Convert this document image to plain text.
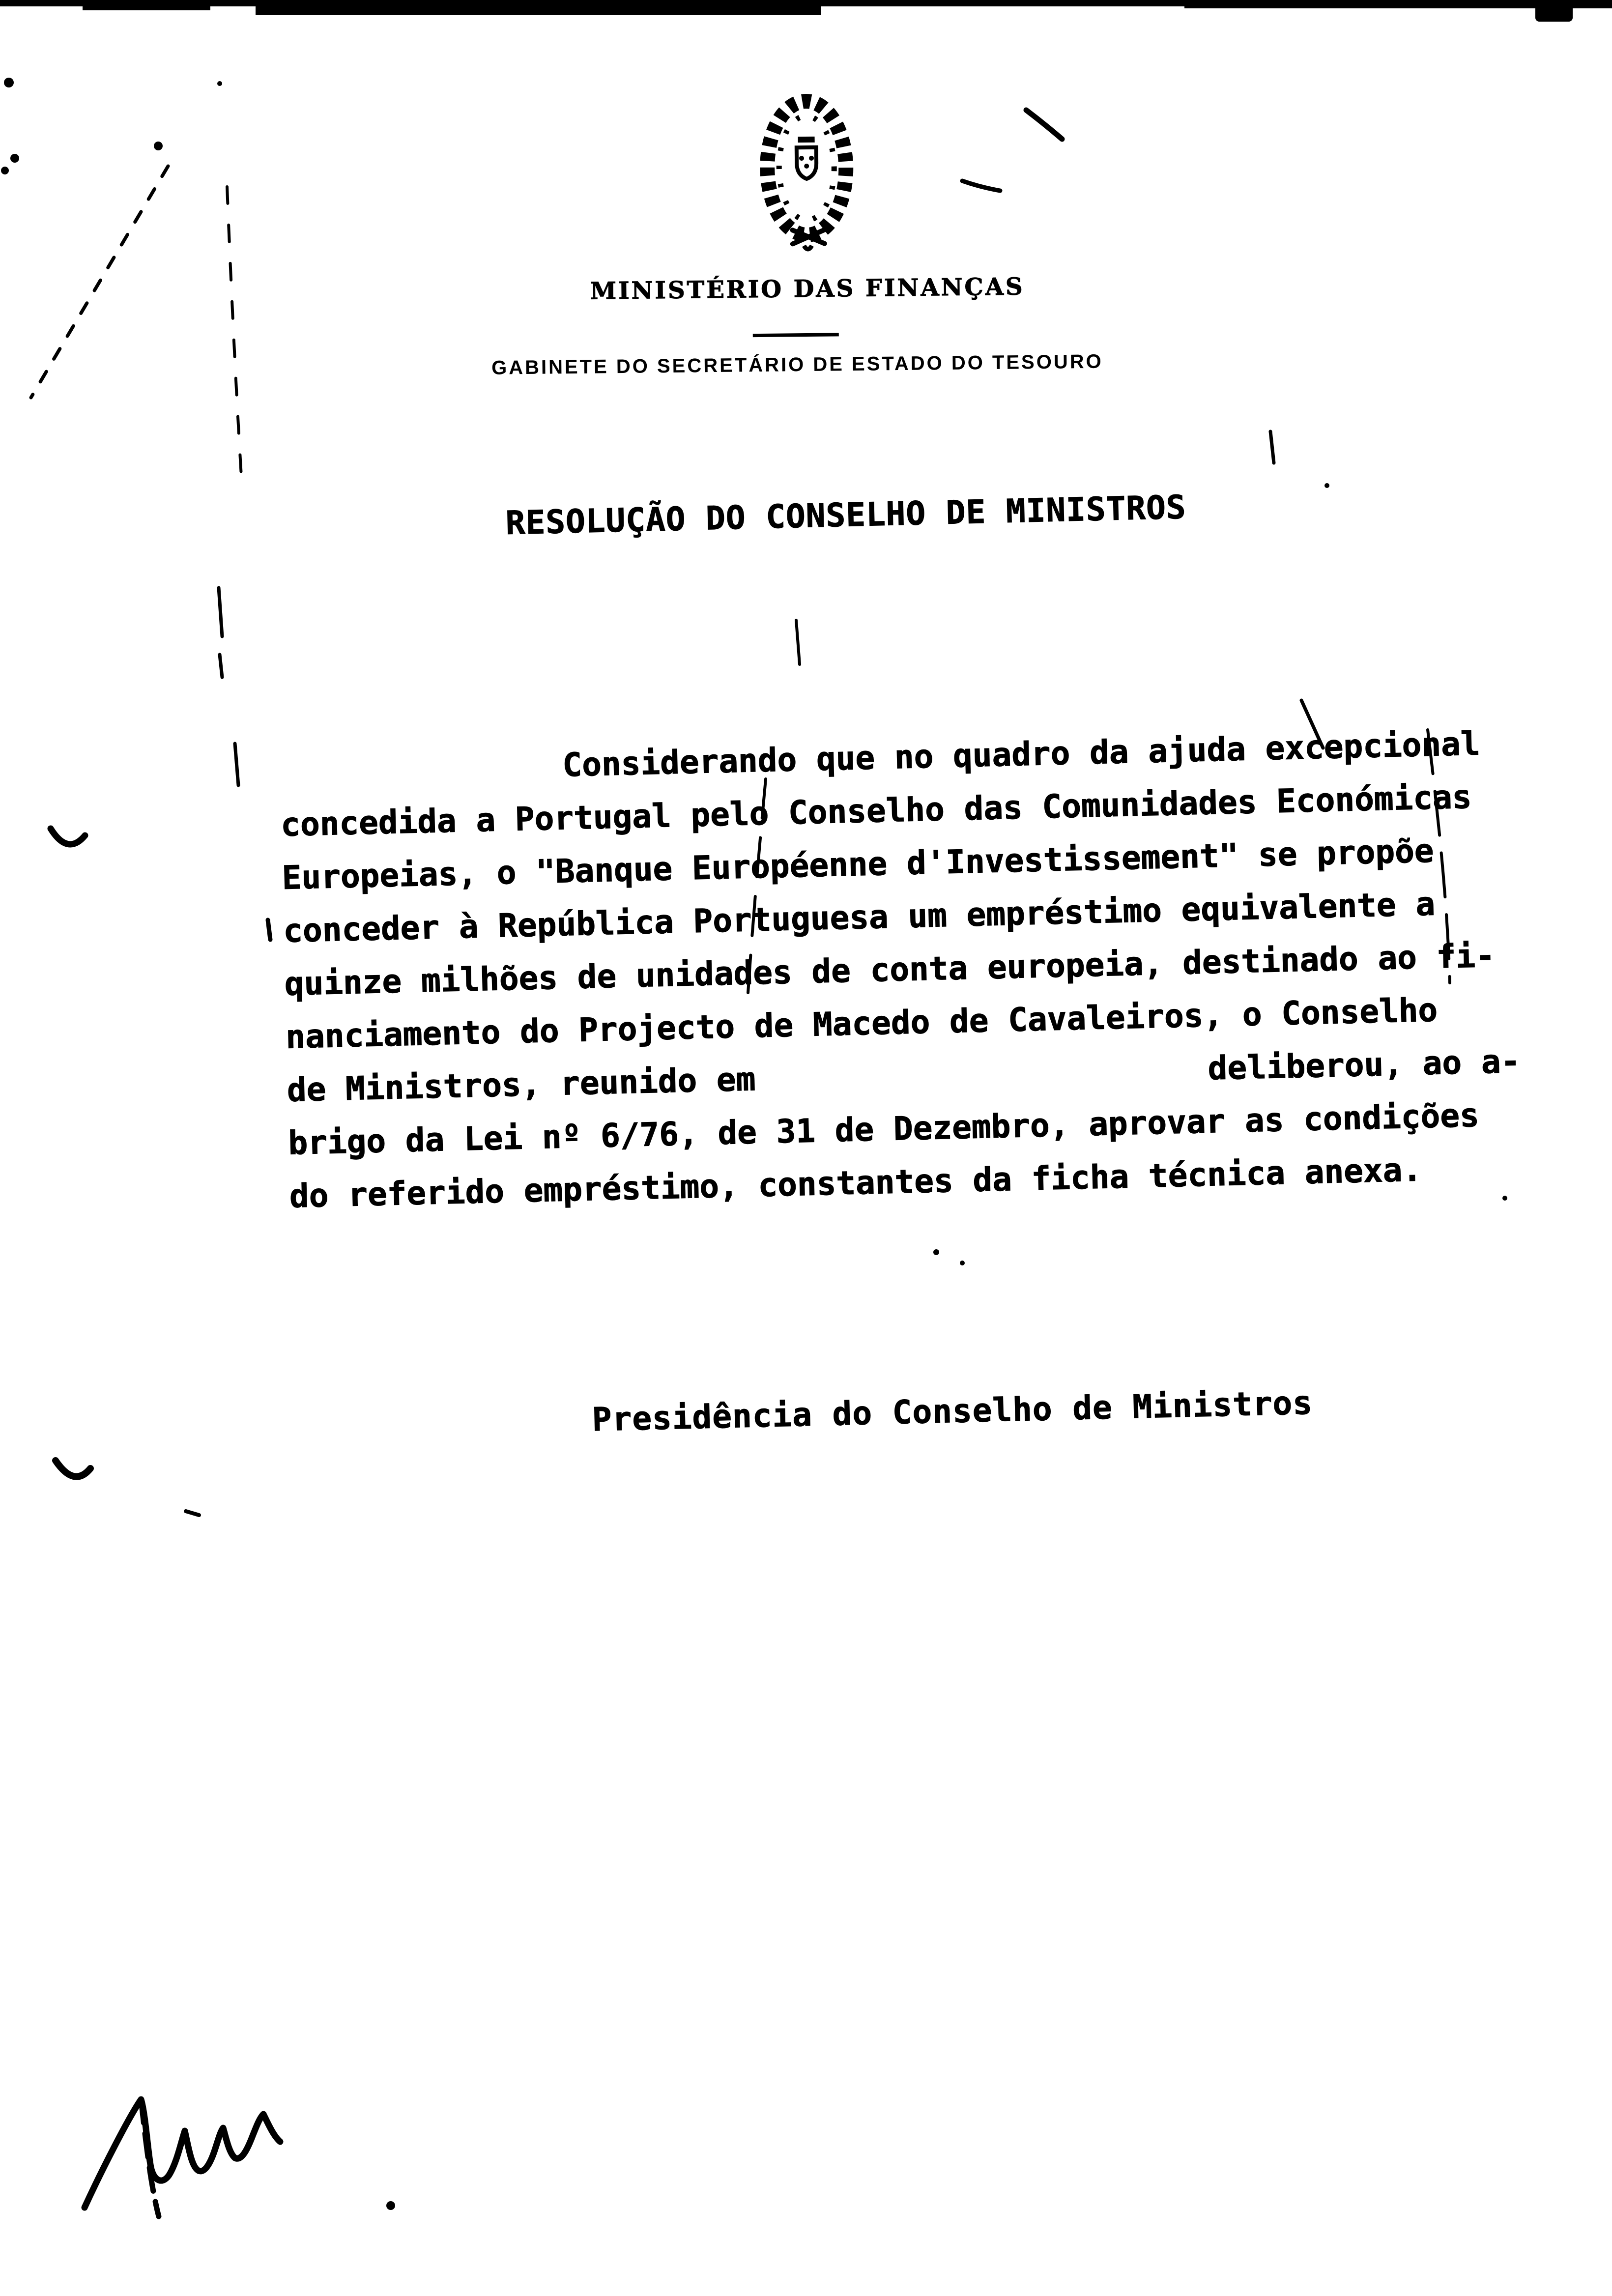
MINISTÉRIO DAS FINANÇAS
GABINETE DO SECRETÁRIO DE ESTADO DO TESOURO
RESOLUÇÃO DO CONSELHO DE MINISTROS
Considerando que no quadro da ajuda excepcional
concedida a Portugal pelo Conselho das Comunidades Económicas
Europeias, o "Banque Européenne d'Investissement" se propõe
conceder à República Portuguesa um empréstimo equivalente a
quinze milhões de unidades de conta europeia, destinado ao fi-
nanciamento do Projecto de Macedo de Cavaleiros, o Conselho
de Ministros, reunido em	deliberou, ao a-
brigo da Lei nº 6/76, de 31 de Dezembro, aprovar as condições
do referido empréstimo, constantes da ficha técnica anexa.
Presidência do Conselho de Ministros
